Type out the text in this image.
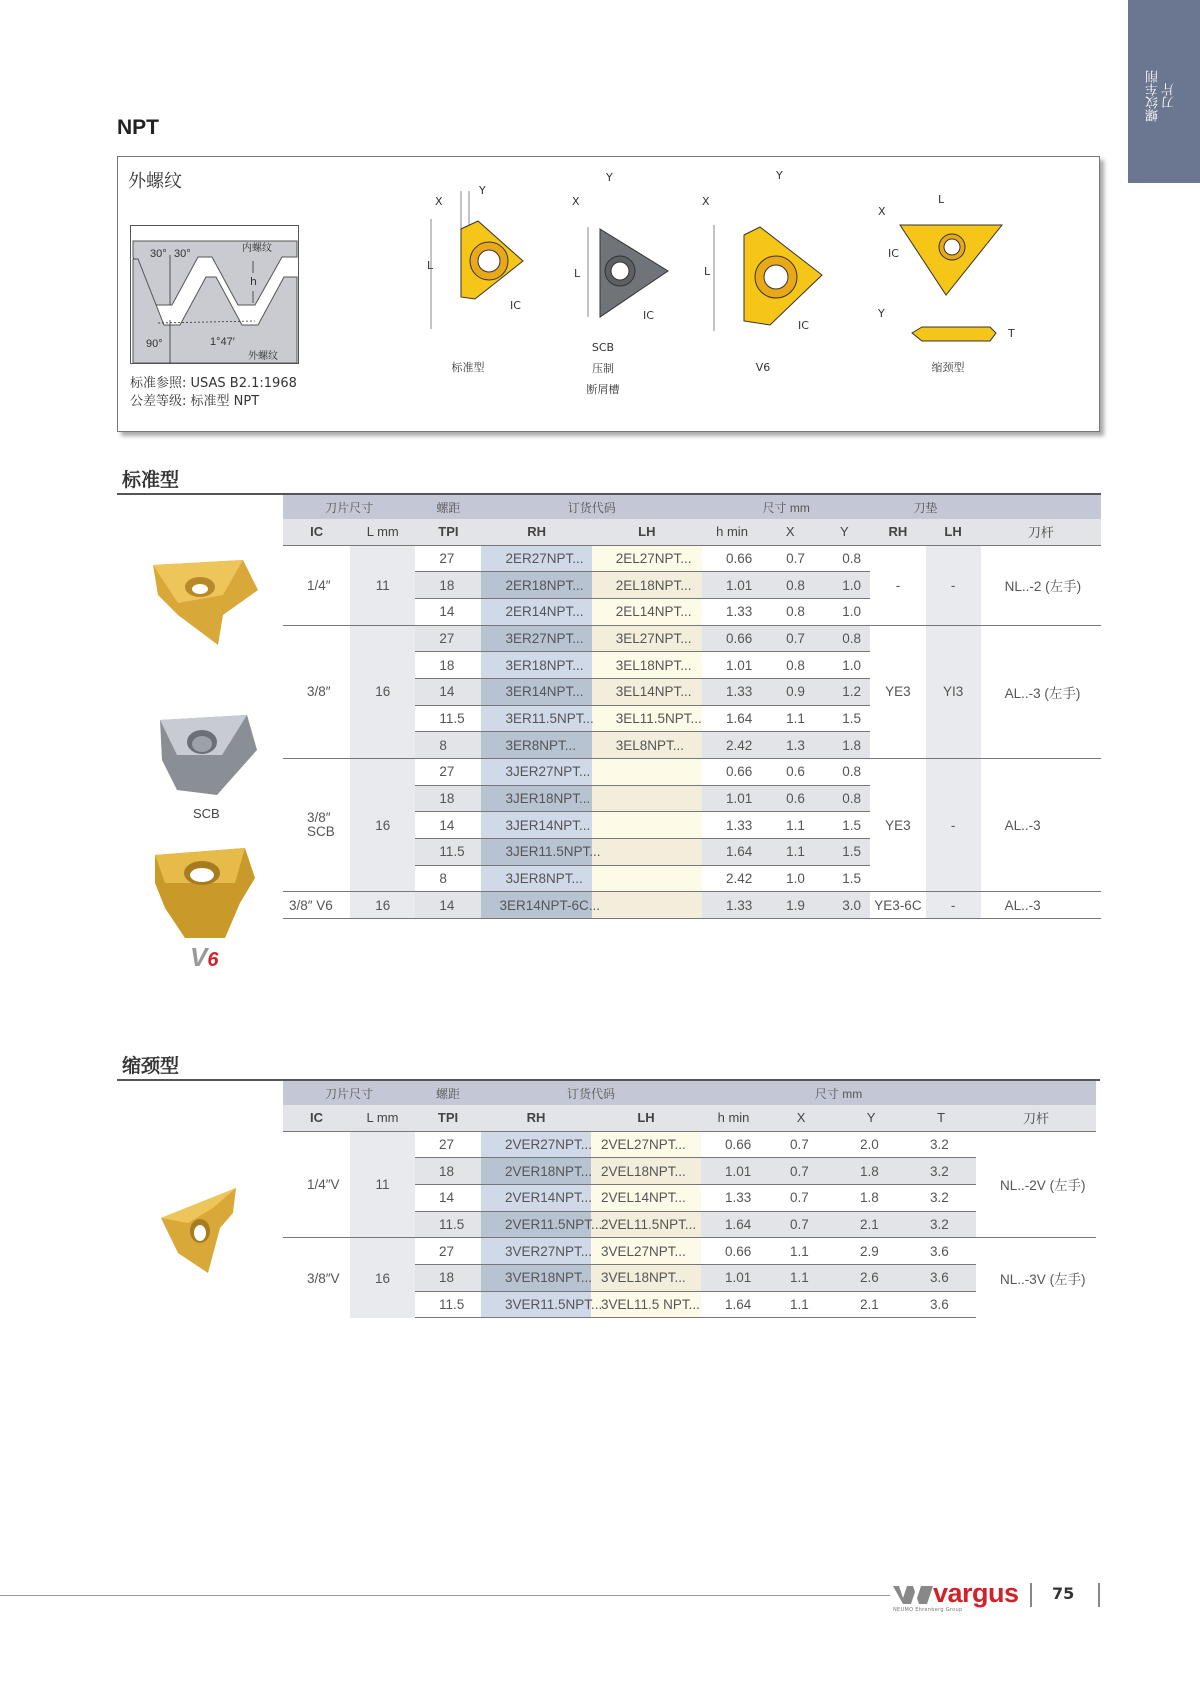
螺纹车削 刀片
NPT
外螺纹
30° 30°	内螺纹
h
90°	1°47′
外螺纹
标准参照: USAS B2.1:1968
公差等级: 标准型 NPT
Y
X
L
IC
标准型
Y
X
L
IC
SCB
压制
断屑槽
Y
X
L
IC
V6
L
X
IC
Y
T
缩颈型
标准型
SCB
V6
刀片尺寸		螺距	订货代码		尺寸 mm			刀垫		
IC	L mm	TPI	RH	LH	h min	X	Y	RH	LH	刀杆
1/4″	11	27	2ER27NPT...	2EL27NPT...	0.66	0.7	0.8	-	-	NL..-2 (左手)
		18	2ER18NPT...	2EL18NPT...	1.01	0.8	1.0			
		14	2ER14NPT...	2EL14NPT...	1.33	0.8	1.0			
3/8″	16	27	3ER27NPT...	3EL27NPT...	0.66	0.7	0.8	YE3	YI3	AL..-3 (左手)
		18	3ER18NPT...	3EL18NPT...	1.01	0.8	1.0			
		14	3ER14NPT...	3EL14NPT...	1.33	0.9	1.2			
		11.5	3ER11.5NPT...	3EL11.5NPT...	1.64	1.1	1.5			
		8	3ER8NPT...	3EL8NPT...	2.42	1.3	1.8			

3/8″
SCB	16	27	3JER27NPT...		0.66	0.6	0.8	YE3	-	AL..-3
		18	3JER18NPT...		1.01	0.6	0.8			
		14	3JER14NPT...		1.33	1.1	1.5			
		11.5	3JER11.5NPT...		1.64	1.1	1.5			
		8	3JER8NPT...		2.42	1.0	1.5			
3/8″ V6	16	14	3ER14NPT-6C...		1.33	1.9	3.0	YE3-6C	-	AL..-3
缩颈型
刀片尺寸		螺距	订货代码		尺寸 mm				
IC	L mm	TPI	RH	LH	h min	X	Y	T	刀杆
1/4″V	11	27	2VER27NPT...	2VEL27NPT...	0.66	0.7	2.0	3.2	NL..-2V (左手)
		18	2VER18NPT...	2VEL18NPT...	1.01	0.7	1.8	3.2	
		14	2VER14NPT...	2VEL14NPT...	1.33	0.7	1.8	3.2	
		11.5	2VER11.5NPT...	2VEL11.5NPT...	1.64	0.7	2.1	3.2	
3/8″V	16	27	3VER27NPT...	3VEL27NPT...	0.66	1.1	2.9	3.6	NL..-3V (左手)
		18	3VER18NPT...	3VEL18NPT...	1.01	1.1	2.6	3.6	
		11.5	3VER11.5NPT...	3VEL11.5 NPT...	1.64	1.1	2.1	3.6	
vargus
NEUMO Ehrenberg Group
75
